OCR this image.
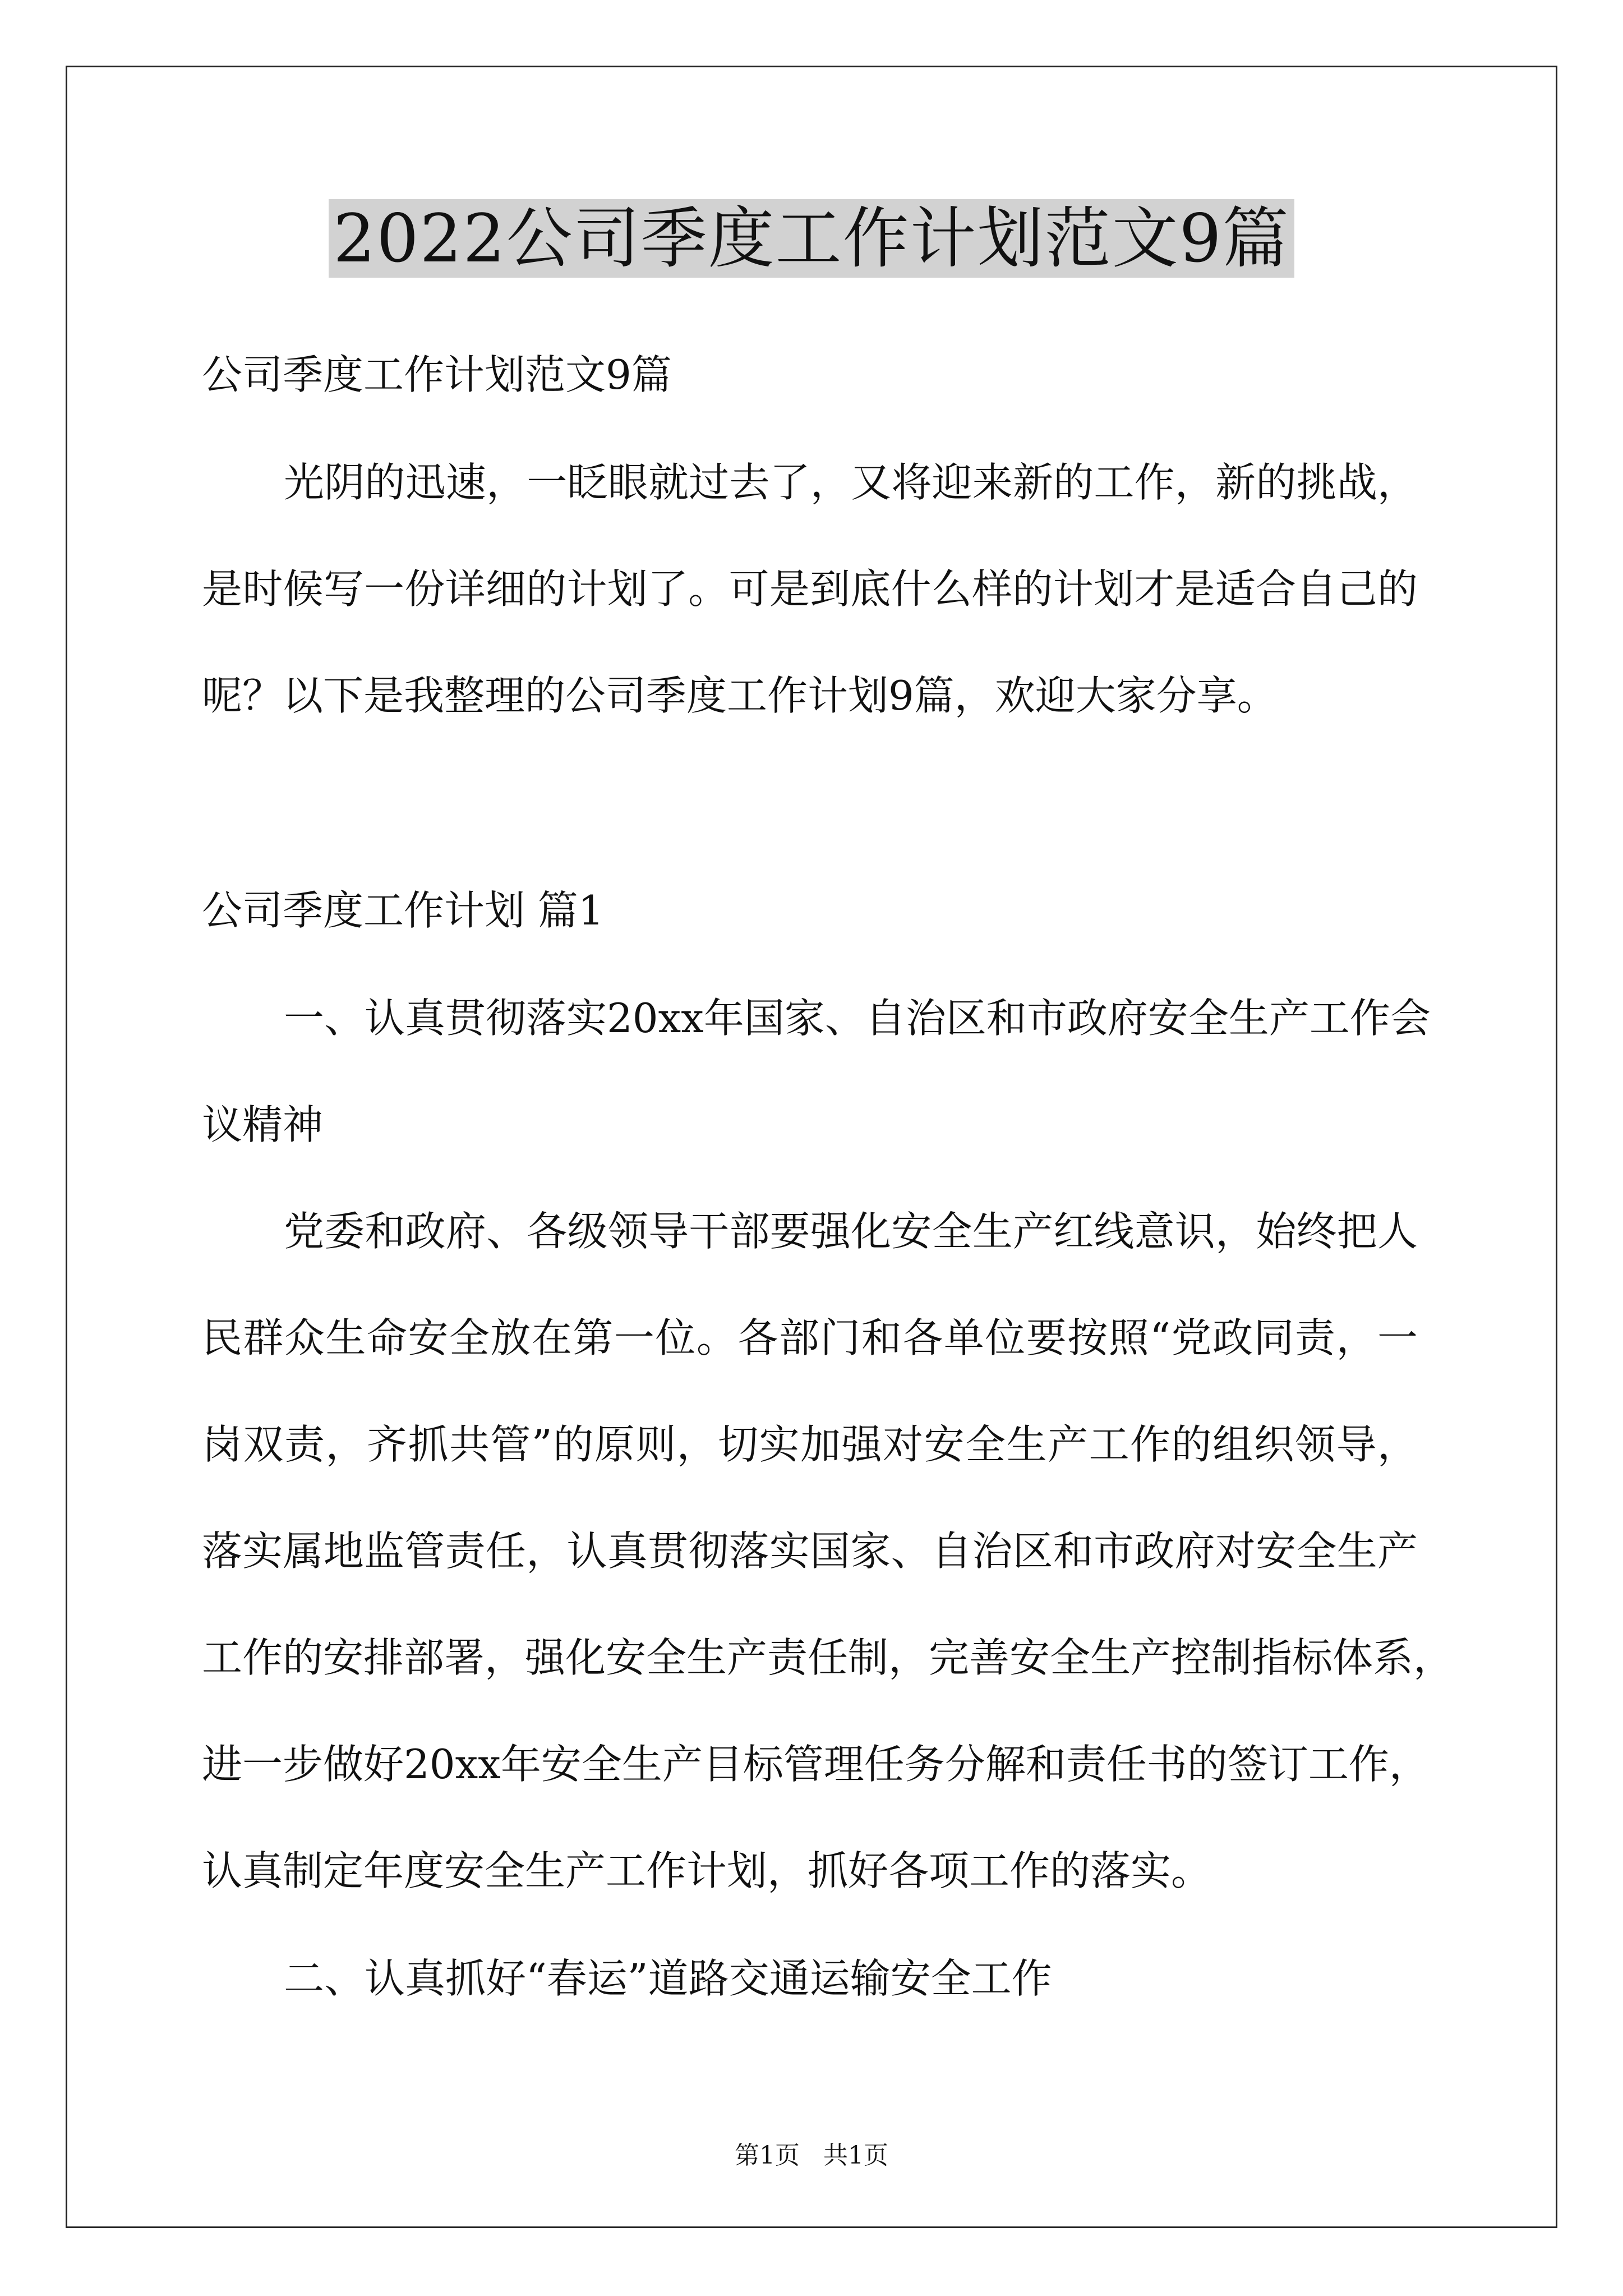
2022公司季度工作计划范文9篇
公司季度工作计划范文9篇
光阴的迅速，一眨眼就过去了，又将迎来新的工作，新的挑战，
是时候写一份详细的计划了。可是到底什么样的计划才是适合自己的
呢？以下是我整理的公司季度工作计划9篇，欢迎大家分享。
公司季度工作计划 篇1
一、认真贯彻落实20xx年国家、自治区和市政府安全生产工作会
议精神
党委和政府、各级领导干部要强化安全生产红线意识，始终把人
民群众生命安全放在第一位。各部门和各单位要按照“党政同责，一
岗双责，齐抓共管”的原则，切实加强对安全生产工作的组织领导，
落实属地监管责任，认真贯彻落实国家、自治区和市政府对安全生产
工作的安排部署，强化安全生产责任制，完善安全生产控制指标体系，
进一步做好20xx年安全生产目标管理任务分解和责任书的签订工作，
认真制定年度安全生产工作计划，抓好各项工作的落实。
二、认真抓好“春运”道路交通运输安全工作
第1页   共1页
